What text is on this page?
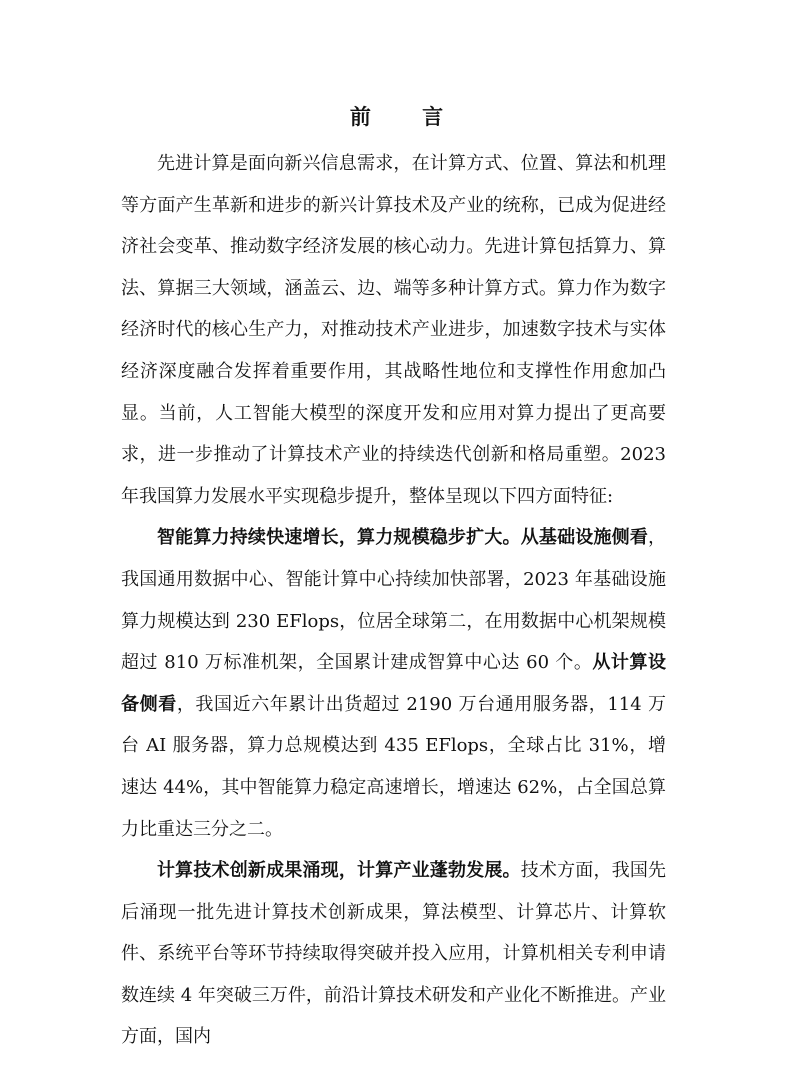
前 言

先进计算是面向新兴信息需求，在计算方式、位置、算法和机理等方面产生革新和进步的新兴计算技术及产业的统称，已成为促进经济社会变革、推动数字经济发展的核心动力。先进计算包括算力、算法、算据三大领域，涵盖云、边、端等多种计算方式。算力作为数字经济时代的核心生产力，对推动技术产业进步，加速数字技术与实体经济深度融合发挥着重要作用，其战略性地位和支撑性作用愈加凸显。当前，人工智能大模型的深度开发和应用对算力提出了更高要求，进一步推动了计算技术产业的持续迭代创新和格局重塑。2023 年我国算力发展水平实现稳步提升，整体呈现以下四方面特征:

智能算力持续快速增长，算力规模稳步扩大。从基础设施侧看，我国通用数据中心、智能计算中心持续加快部署，2023 年基础设施算力规模达到 230 EFlops，位居全球第二，在用数据中心机架规模超过 810 万标准机架，全国累计建成智算中心达 60 个。从计算设备侧看，我国近六年累计出货超过 2190 万台通用服务器，114 万台 AI 服务器，算力总规模达到 435 EFlops，全球占比 31%，增速达 44%，其中智能算力稳定高速增长，增速达 62%，占全国总算力比重达三分之二。

计算技术创新成果涌现，计算产业蓬勃发展。技术方面，我国先后涌现一批先进计算技术创新成果，算法模型、计算芯片、计算软件、系统平台等环节持续取得突破并投入应用，计算机相关专利申请数连续 4 年突破三万件，前沿计算技术研发和产业化不断推进。产业方面，国内
